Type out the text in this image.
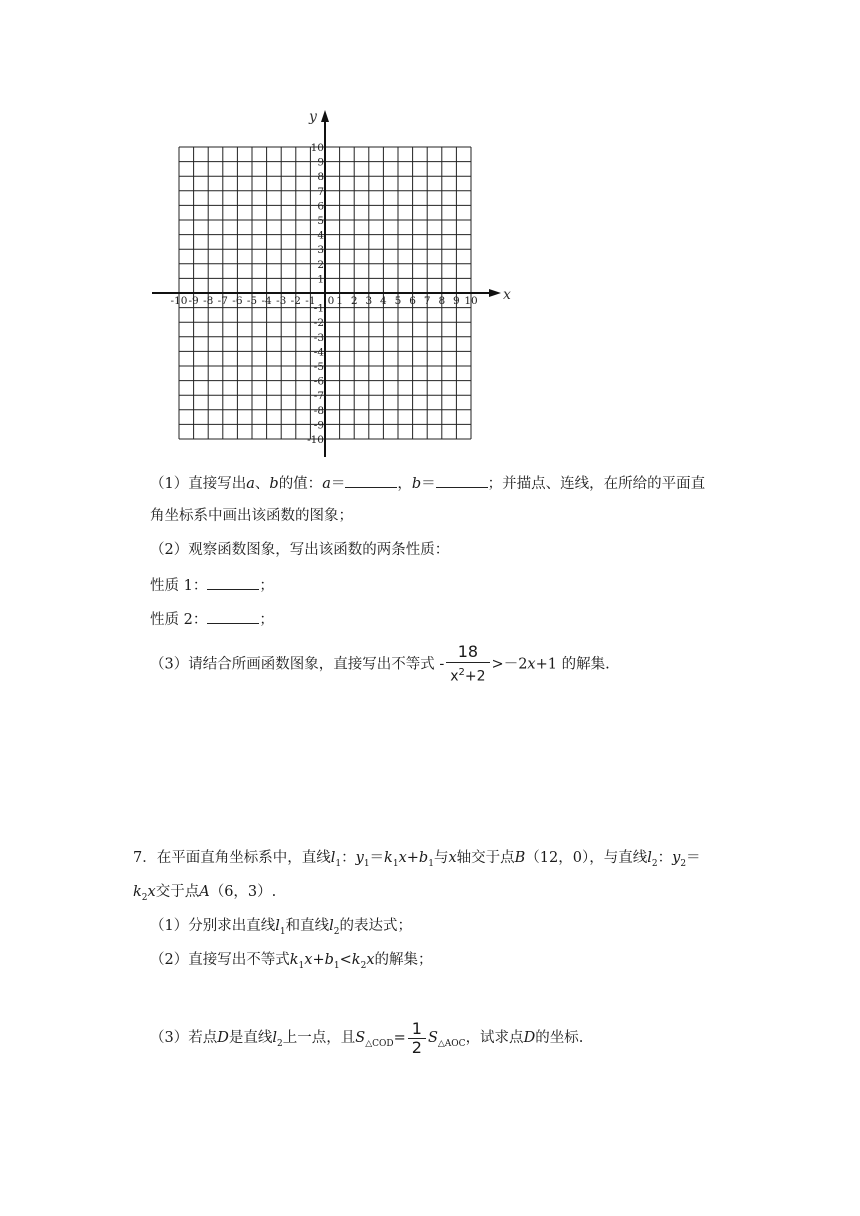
x
y
-10 -9 -8 -7 -6 -5 -4 -3 -2 -1 0 1 2 3 4 5 6 7 8 9 10
10
9
8
7
6
5
4
3
2
1
-1
-2
-3
-4
-5
-6
-7
-8
-9
-10
（1）直接写出a、b的值：a＝	，b＝	；并描点、连线，在所给的平面直
角坐标系中画出该函数的图象；
（2）观察函数图象，写出该函数的两条性质：
性质 1：	；
性质 2：	；
（3）请结合所画函数图象，直接写出不等式 - $\frac{18}{x^2+2} >-2x+1$ 的解集.
7．在平面直角坐标系中，直线$l_1$：$y_1=k_1x+b_1$与x轴交于点B（12，0），与直线$l_2$：$y_2=$
$k_2x$交于点A（6，3）.
（1）分别求出直线$l_1$和直线$l_2$的表达式；
（2）直接写出不等式$k_1x+b_1<k_2x$的解集；
（3）若点D是直线$l_2$上一点，且$S_{\triangle COD}= \frac{1}{2} S_{\triangle AOC}$，试求点D的坐标.
